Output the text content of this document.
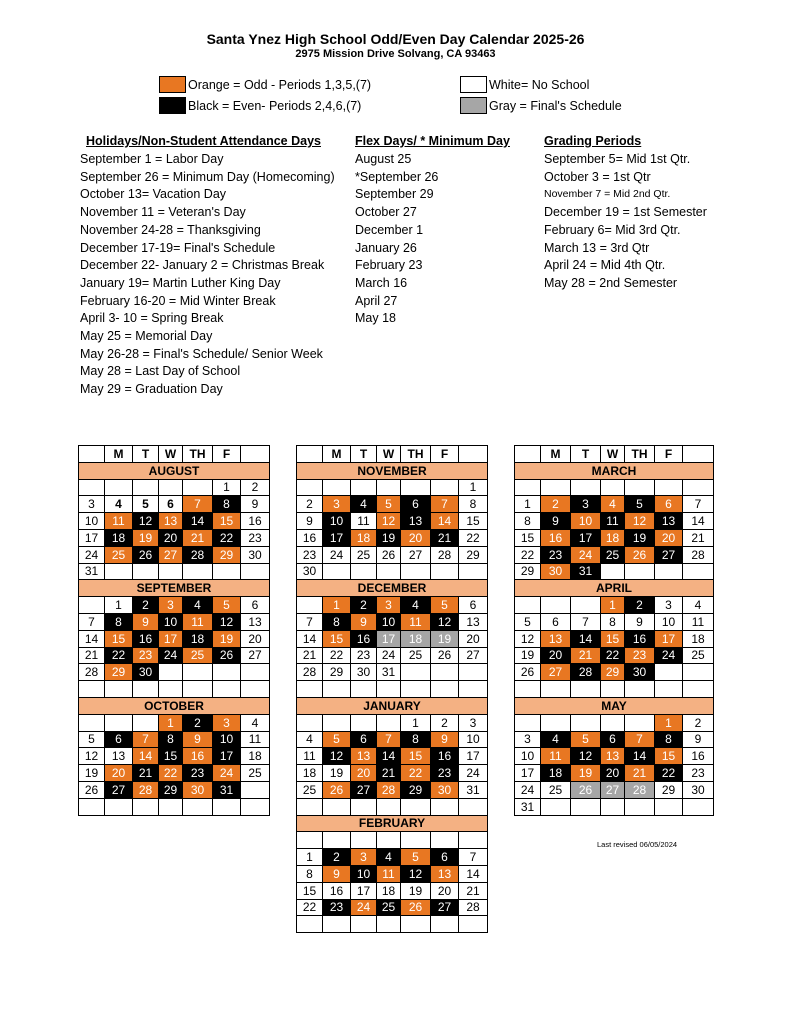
Santa Ynez High School Odd/Even Day Calendar 2025-26
2975 Mission Drive Solvang, CA 93463
Orange = Odd - Periods 1,3,5,(7)
Black = Even- Periods 2,4,6,(7)
White= No School
Gray = Final's Schedule
Holidays/Non-Student Attendance Days
September 1 = Labor Day
September 26 = Minimum Day (Homecoming)
October 13= Vacation Day
November 11 = Veteran's Day
November 24-28 = Thanksgiving
December 17-19= Final's Schedule
December 22- January 2 = Christmas Break
January 19= Martin Luther King Day
February 16-20 = Mid Winter Break
April 3- 10 = Spring Break
May 25 = Memorial Day
May 26-28 = Final's Schedule/ Senior Week
May 28 = Last Day of School
May 29 = Graduation Day
Flex Days/ * Minimum Day
August 25
*September 26
September 29
October 27
December 1
January 26
February 23
March 16
April 27
May 18
Grading Periods
September 5= Mid 1st Qtr.
October 3 = 1st Qtr
November 7 = Mid 2nd Qtr.
December 19 = 1st Semester
February 6= Mid 3rd Qtr.
March 13 = 3rd Qtr
April 24 = Mid 4th Qtr.
May 28 = 2nd Semester
	M	T	W	TH	F	
AUGUST						
					1	2
3	4	5	6	7	8	9
10	11	12	13	14	15	16
17	18	19	20	21	22	23
24	25	26	27	28	29	30
31						
SEPTEMBER						
	1	2	3	4	5	6
7	8	9	10	11	12	13
14	15	16	17	18	19	20
21	22	23	24	25	26	27
28	29	30				

OCTOBER						
			1	2	3	4
5	6	7	8	9	10	11
12	13	14	15	16	17	18
19	20	21	22	23	24	25
26	27	28	29	30	31	

	M	T	W	TH	F	
NOVEMBER						
						1
2	3	4	5	6	7	8
9	10	11	12	13	14	15
16	17	18	19	20	21	22
23	24	25	26	27	28	29
30						
DECEMBER						
	1	2	3	4	5	6
7	8	9	10	11	12	13
14	15	16	17	18	19	20
21	22	23	24	25	26	27
28	29	30	31			

JANUARY						
				1	2	3
4	5	6	7	8	9	10
11	12	13	14	15	16	17
18	19	20	21	22	23	24
25	26	27	28	29	30	31

FEBRUARY						

1	2	3	4	5	6	7
8	9	10	11	12	13	14
15	16	17	18	19	20	21
22	23	24	25	26	27	28

	M	T	W	TH	F	
MARCH						

1	2	3	4	5	6	7
8	9	10	11	12	13	14
15	16	17	18	19	20	21
22	23	24	25	26	27	28
29	30	31				
APRIL						
			1	2	3	4
5	6	7	8	9	10	11
12	13	14	15	16	17	18
19	20	21	22	23	24	25
26	27	28	29	30		

MAY						
					1	2
3	4	5	6	7	8	9
10	11	12	13	14	15	16
17	18	19	20	21	22	23
24	25	26	27	28	29	30
31						
Last revised 06/05/2024
